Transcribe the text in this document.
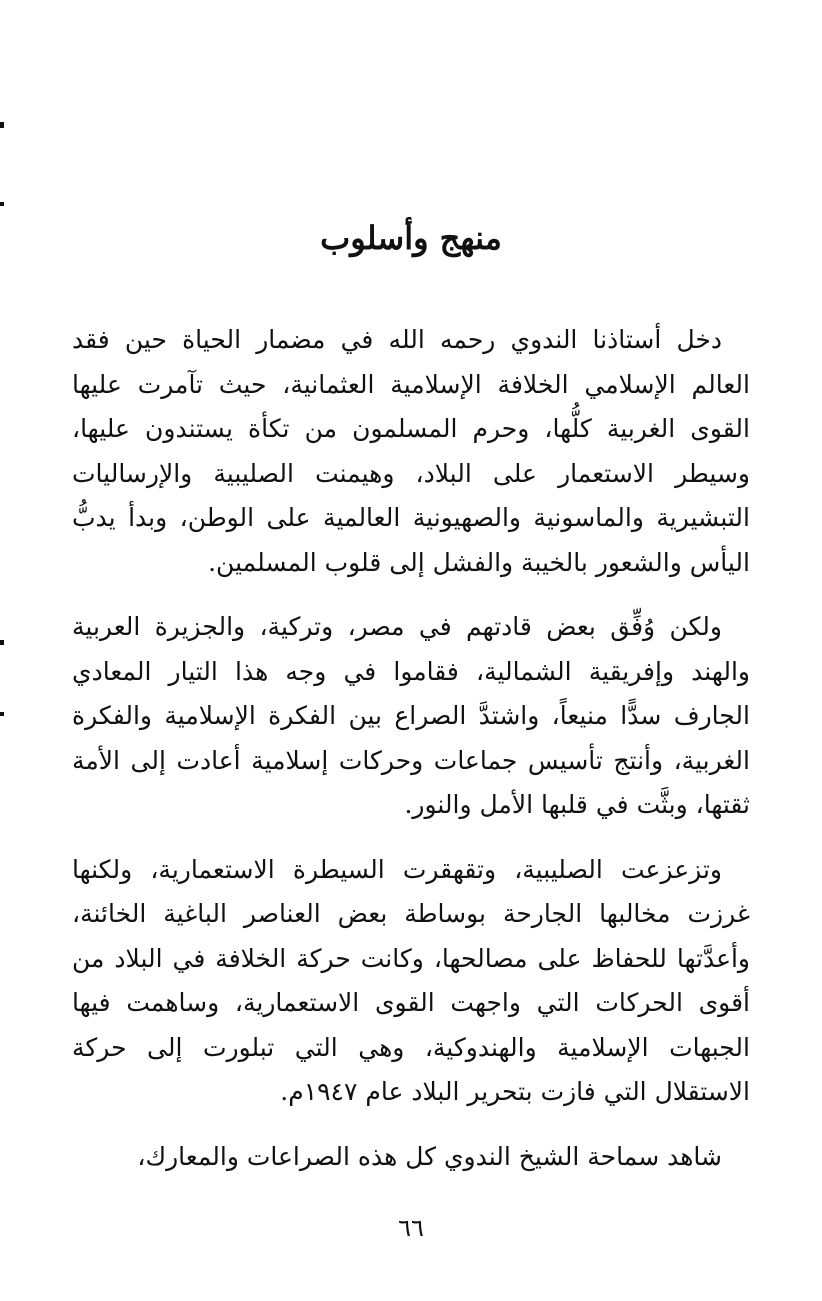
منهج وأسلوب

دخل أستاذنا الندوي رحمه الله في مضمار الحياة حين فقد العالم الإسلامي الخلافة الإسلامية العثمانية، حيث تآمرت عليها القوى الغربية كلُّها، وحرم المسلمون من تكأة يستندون عليها، وسيطر الاستعمار على البلاد، وهيمنت الصليبية والإرساليات التبشيرية والماسونية والصهيونية العالمية على الوطن، وبدأ يدبُّ اليأس والشعور بالخيبة والفشل إلى قلوب المسلمين.

ولكن وُفِّق بعض قادتهم في مصر، وتركية، والجزيرة العربية والهند وإفريقية الشمالية، فقاموا في وجه هذا التيار المعادي الجارف سدًّا منيعاً، واشتدَّ الصراع بين الفكرة الإسلامية والفكرة الغربية، وأنتج تأسيس جماعات وحركات إسلامية أعادت إلى الأمة ثقتها، وبثَّت في قلبها الأمل والنور.

وتزعزعت الصليبية، وتقهقرت السيطرة الاستعمارية، ولكنها غرزت مخالبها الجارحة بوساطة بعض العناصر الباغية الخائنة، وأعدَّتها للحفاظ على مصالحها، وكانت حركة الخلافة في البلاد من أقوى الحركات التي واجهت القوى الاستعمارية، وساهمت فيها الجبهات الإسلامية والهندوكية، وهي التي تبلورت إلى حركة الاستقلال التي فازت بتحرير البلاد عام ١٩٤٧م.

شاهد سماحة الشيخ الندوي كل هذه الصراعات والمعارك،

٦٦
